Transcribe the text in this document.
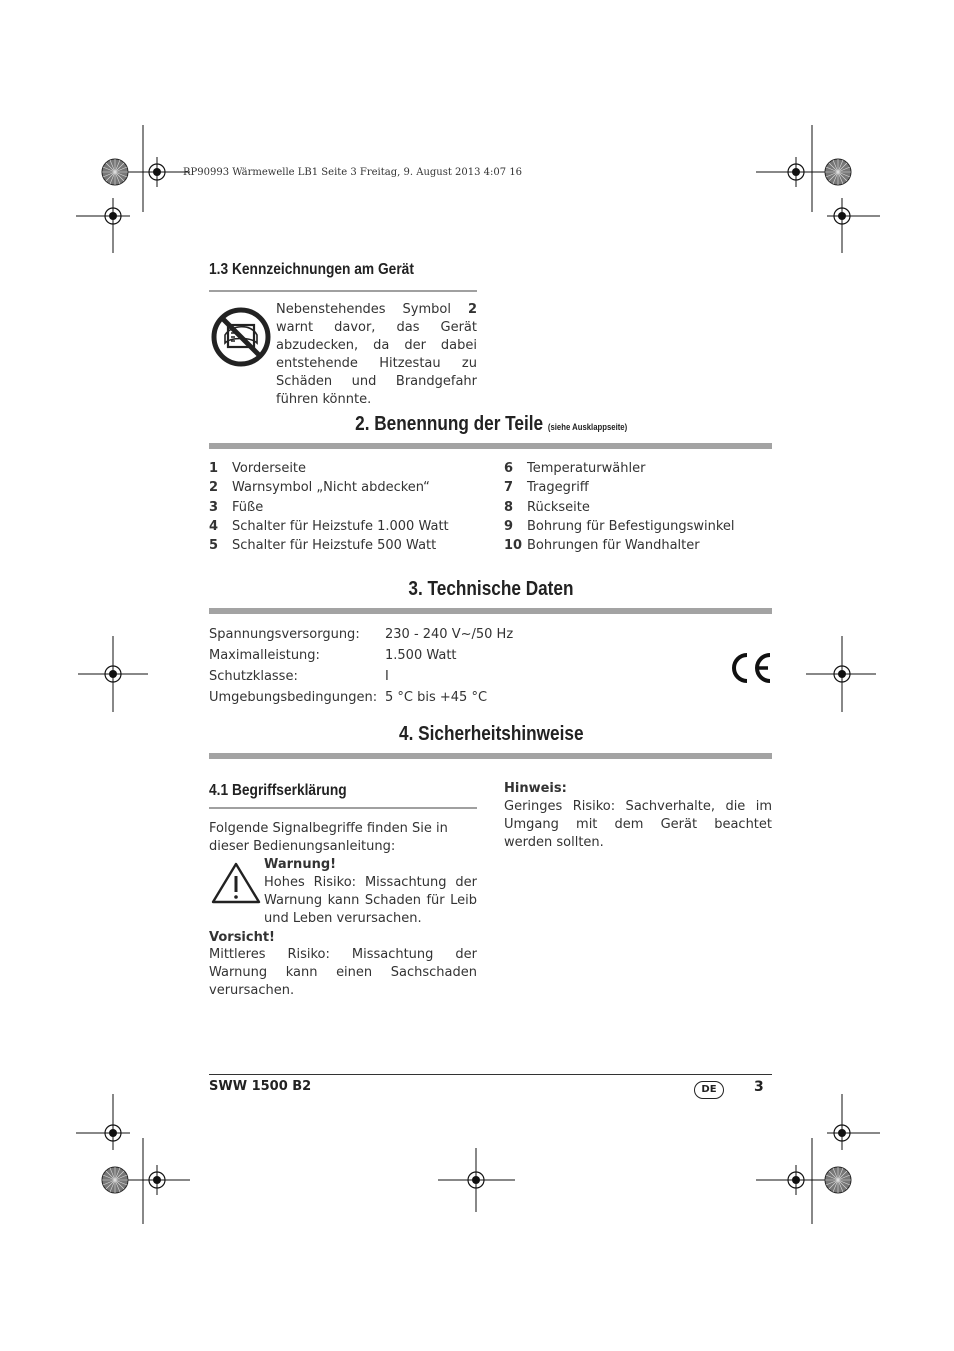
RP90993 Wärmewelle LB1 Seite 3 Freitag, 9. August 2013 4:07 16
1.3 Kennzeichnungen am Gerät
Nebenstehendes Symbol 2 warnt davor, das Gerät abzudecken, da der dabei entstehende Hitzestau zu Schäden und Brandgefahr führen könnte.
2. Benennung der Teile (siehe Ausklappseite)
1 Vorderseite
2 Warnsymbol „Nicht abdecken“
3 Füße
4 Schalter für Heizstufe 1.000 Watt
5 Schalter für Heizstufe 500 Watt
6 Temperaturwähler
7 Tragegriff
8 Rückseite
9 Bohrung für Befestigungswinkel
10 Bohrungen für Wandhalter
3. Technische Daten
Spannungsversorgung: 230 - 240 V~/50 Hz
Maximalleistung:	1.500 Watt
Schutzklasse:	I
Umgebungsbedingungen: 5 °C bis +45 °C
4. Sicherheitshinweise
4.1 Begriffserklärung
Folgende Signalbegriffe finden Sie in dieser Bedienungsanleitung:
Warnung!
Hohes Risiko: Missachtung der Warnung kann Schaden für Leib und Leben verursachen.
Vorsicht!
Mittleres Risiko: Missachtung der Warnung kann einen Sachschaden verursachen.
Hinweis:
Geringes Risiko: Sachverhalte, die im Umgang mit dem Gerät beachtet werden sollten.
SWW 1500 B2	DE	3
